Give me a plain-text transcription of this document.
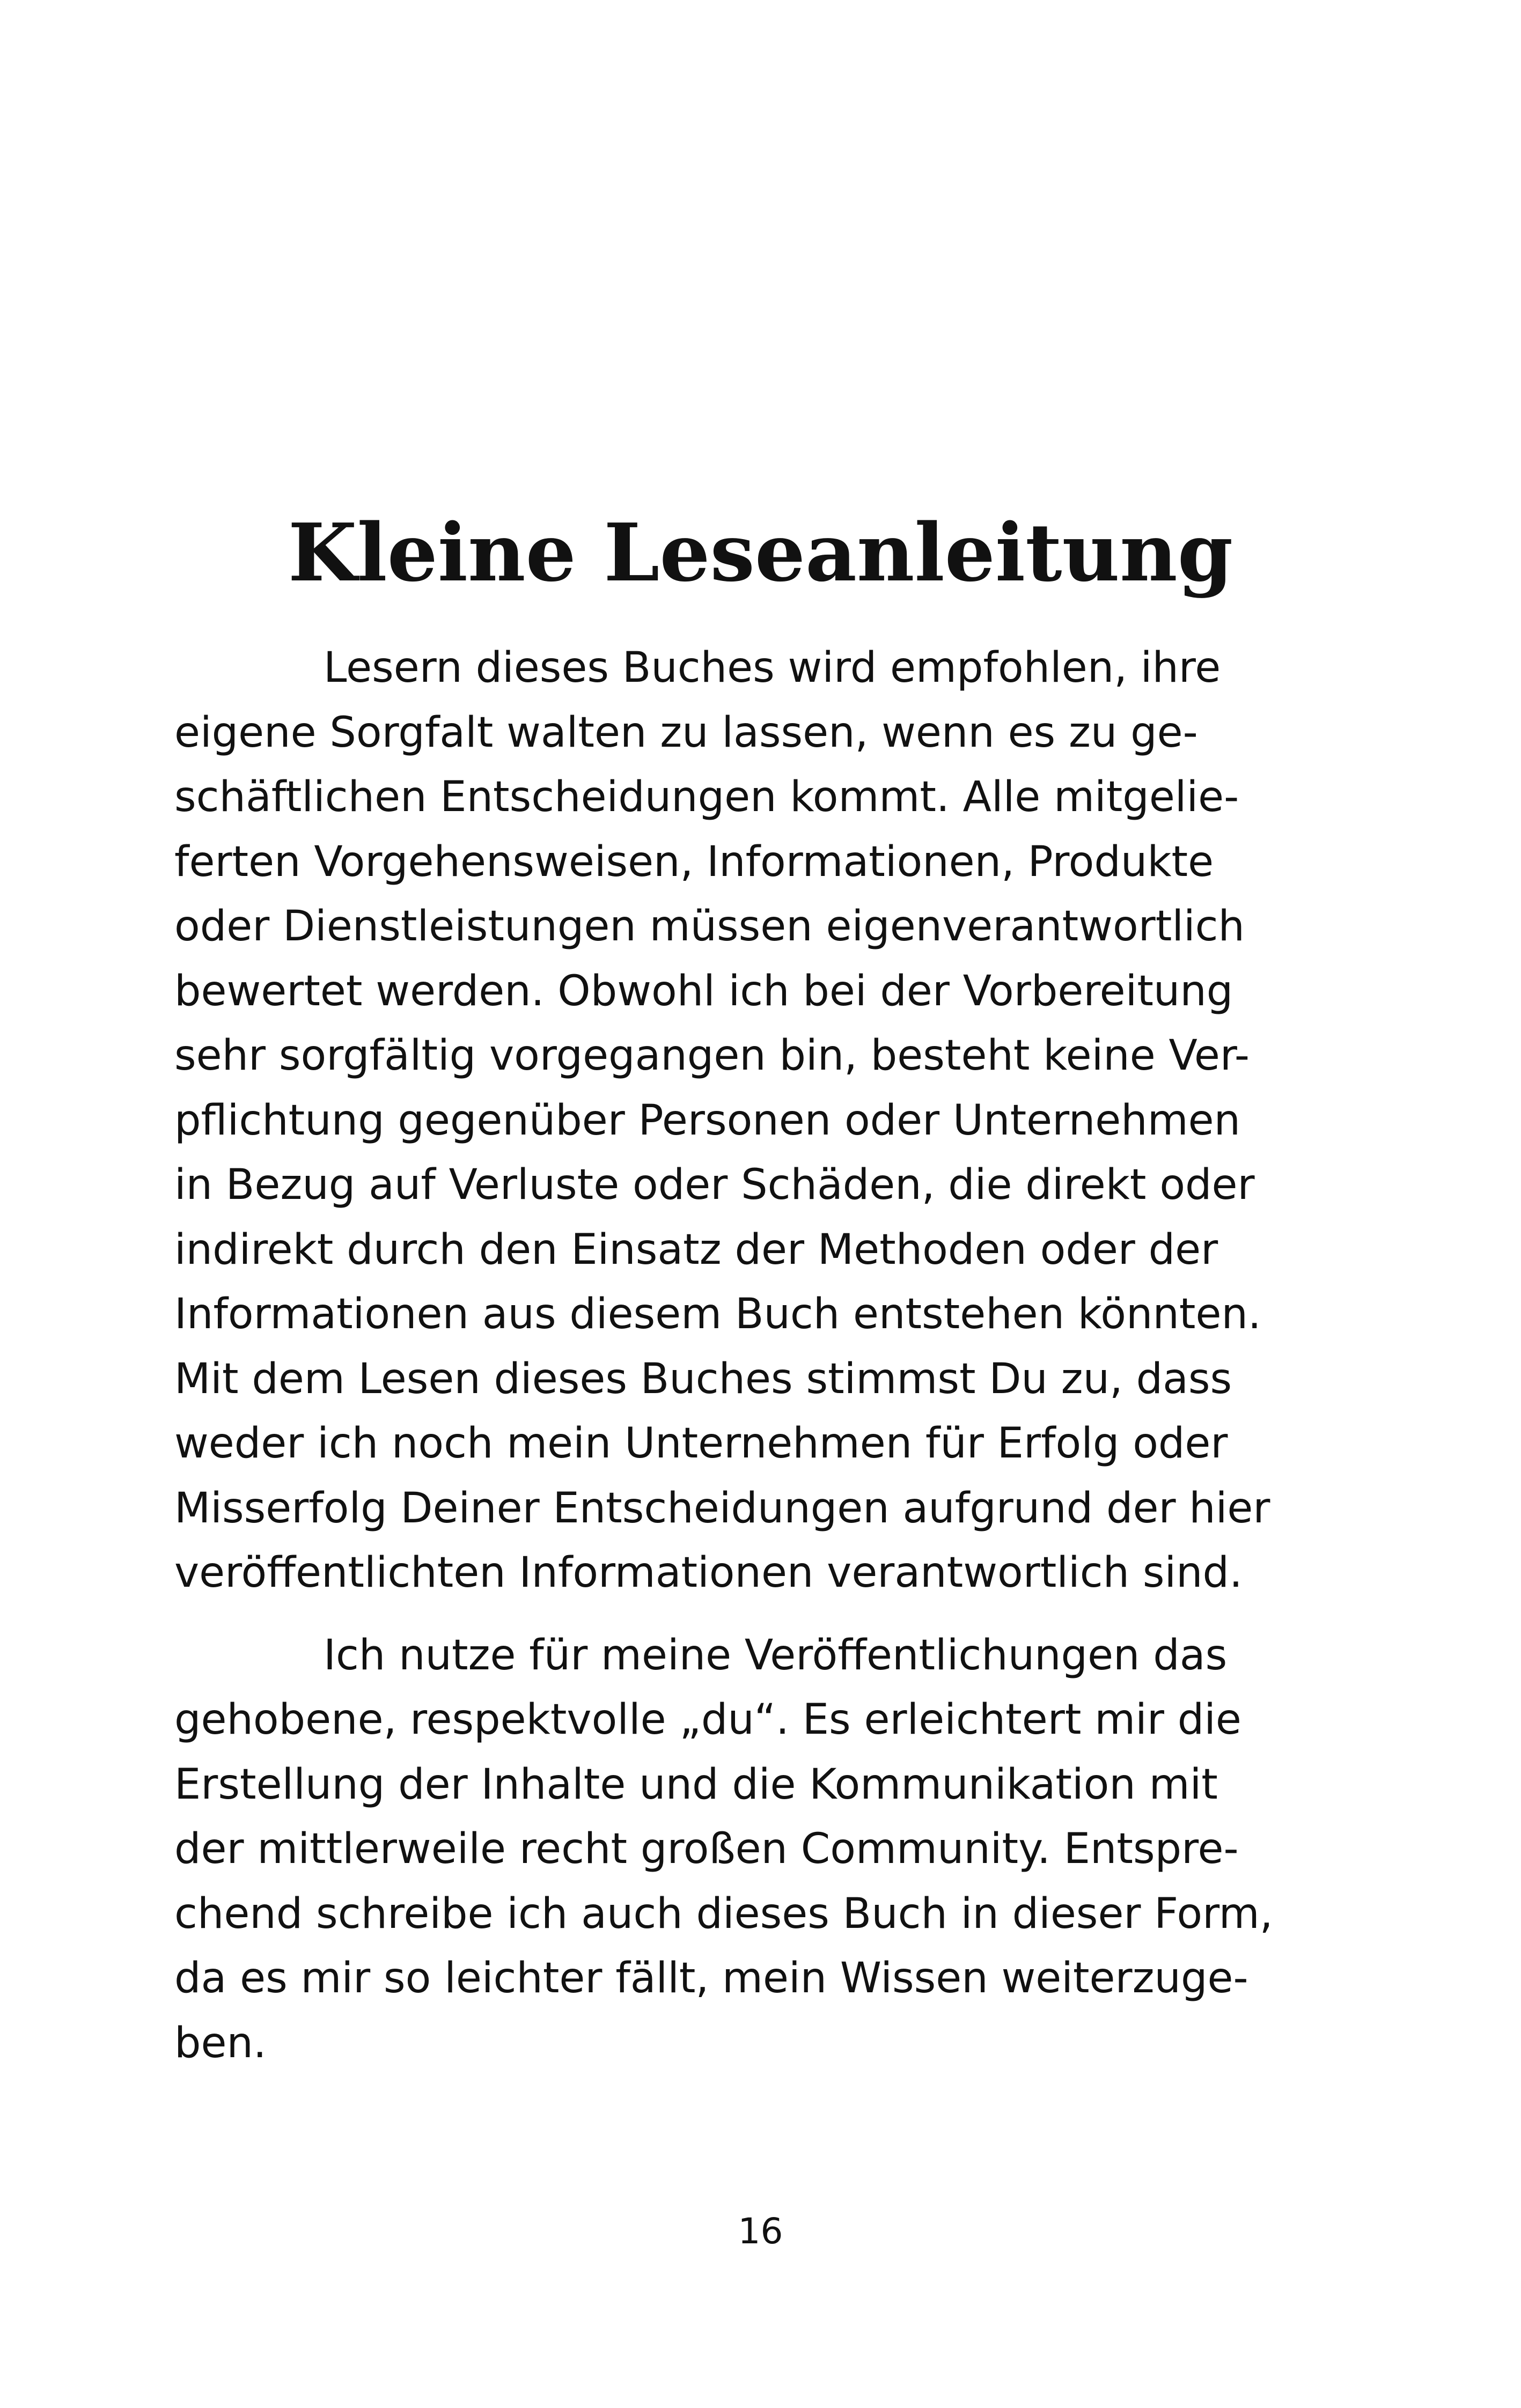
Kleine Leseanleitung

Lesern dieses Buches wird empfohlen, ihre
eigene Sorgfalt walten zu lassen, wenn es zu ge-
schäftlichen Entscheidungen kommt. Alle mitgelie-
ferten Vorgehensweisen, Informationen, Produkte
oder Dienstleistungen müssen eigenverantwortlich
bewertet werden. Obwohl ich bei der Vorbereitung
sehr sorgfältig vorgegangen bin, besteht keine Ver-
pflichtung gegenüber Personen oder Unternehmen
in Bezug auf Verluste oder Schäden, die direkt oder
indirekt durch den Einsatz der Methoden oder der
Informationen aus diesem Buch entstehen könnten.
Mit dem Lesen dieses Buches stimmst Du zu, dass
weder ich noch mein Unternehmen für Erfolg oder
Misserfolg Deiner Entscheidungen aufgrund der hier
veröffentlichten Informationen verantwortlich sind.

Ich nutze für meine Veröffentlichungen das
gehobene, respektvolle „du“. Es erleichtert mir die
Erstellung der Inhalte und die Kommunikation mit
der mittlerweile recht großen Community. Entspre-
chend schreibe ich auch dieses Buch in dieser Form,
da es mir so leichter fällt, mein Wissen weiterzuge-
ben.

16
